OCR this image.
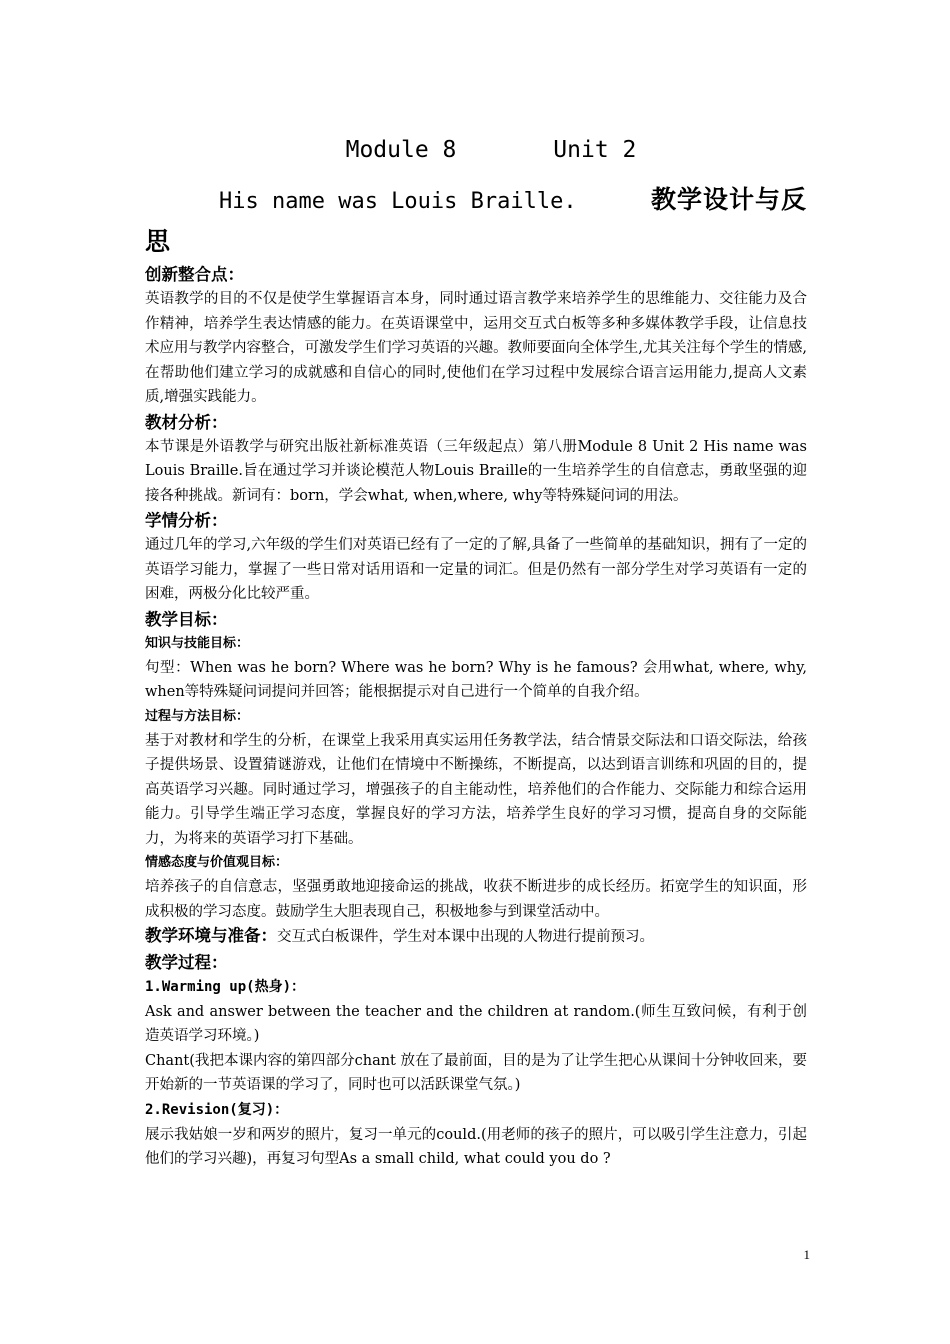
Module 8       Unit 2
His name was Louis Braille.	教学设计与反
思
创新整合点：

英语教学的目的不仅是使学生掌握语言本身，同时通过语言教学来培养学生的思维能力、交往能力及合作精神，培养学生表达情感的能力。在英语课堂中，运用交互式白板等多种多媒体教学手段，让信息技术应用与教学内容整合，可激发学生们学习英语的兴趣。教师要面向全体学生,尤其关注每个学生的情感,在帮助他们建立学习的成就感和自信心的同时,使他们在学习过程中发展综合语言运用能力,提高人文素质,增强实践能力。

教材分析：

本节课是外语教学与研究出版社新标准英语（三年级起点）第八册Module 8 Unit 2 His name was Louis Braille.旨在通过学习并谈论模范人物Louis Braille的一生培养学生的自信意志，勇敢坚强的迎接各种挑战。新词有：born，学会what, when,where, why等特殊疑问词的用法。

学情分析：

通过几年的学习,六年级的学生们对英语已经有了一定的了解,具备了一些简单的基础知识，拥有了一定的英语学习能力，掌握了一些日常对话用语和一定量的词汇。但是仍然有一部分学生对学习英语有一定的困难，两极分化比较严重。

教学目标：
知识与技能目标：

句型：When was he born? Where was he born? Why is he famous? 会用what, where, why, when等特殊疑问词提问并回答；能根据提示对自己进行一个简单的自我介绍。

过程与方法目标：

基于对教材和学生的分析，在课堂上我采用真实运用任务教学法，结合情景交际法和口语交际法，给孩子提供场景、设置猜谜游戏，让他们在情境中不断操练，不断提高，以达到语言训练和巩固的目的，提高英语学习兴趣。同时通过学习，增强孩子的自主能动性，培养他们的合作能力、交际能力和综合运用能力。引导学生端正学习态度，掌握良好的学习方法，培养学生良好的学习习惯，提高自身的交际能力，为将来的英语学习打下基础。

情感态度与价值观目标：

培养孩子的自信意志，坚强勇敢地迎接命运的挑战，收获不断进步的成长经历。拓宽学生的知识面，形成积极的学习态度。鼓励学生大胆表现自己，积极地参与到课堂活动中。

教学环境与准备：交互式白板课件，学生对本课中出现的人物进行提前预习。

教学过程：
1.Warming up(热身)：

Ask and answer between the teacher and the children at random.(师生互致问候，有利于创造英语学习环境。)

Chant(我把本课内容的第四部分chant 放在了最前面，目的是为了让学生把心从课间十分钟收回来，要开始新的一节英语课的学习了，同时也可以活跃课堂气氛。)

2.Revision(复习)：

展示我姑娘一岁和两岁的照片，复习一单元的could.(用老师的孩子的照片，可以吸引学生注意力，引起他们的学习兴趣)，再复习句型As a small child, what could you do ?

1
